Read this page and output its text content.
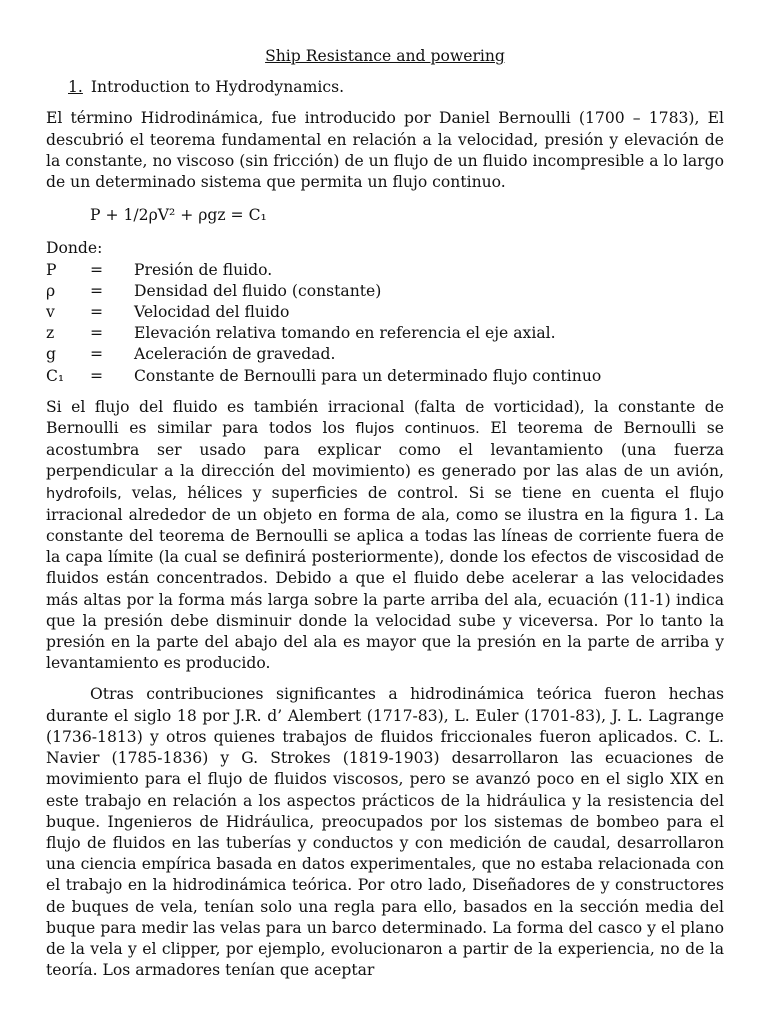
Ship Resistance and powering
1. Introduction to Hydrodynamics.

El término Hidrodinámica, fue introducido por Daniel Bernoulli (1700 – 1783), El descubrió el teorema fundamental en relación a la velocidad, presión y elevación de la constante, no viscoso (sin fricción) de un flujo de un fluido incompresible a lo largo de un determinado sistema que permita un flujo continuo.

P + 1/2ρV² + ρgz = C₁
Donde:
P	=	Presión de fluido.
ρ	=	Densidad del fluido (constante)
v	=	Velocidad del fluido
z	=	Elevación relativa tomando en referencia el eje axial.
g	=	Aceleración de gravedad.
C₁	=	Constante de Bernoulli para un determinado flujo continuo

Si el flujo del fluido es también irracional (falta de vorticidad), la constante de Bernoulli es similar para todos los flujos continuos. El teorema de Bernoulli se acostumbra ser usado para explicar como el levantamiento (una fuerza perpendicular a la dirección del movimiento) es generado por las alas de un avión, hydrofoils, velas, hélices y superficies de control. Si se tiene en cuenta el flujo irracional alrededor de un objeto en forma de ala, como se ilustra en la figura 1. La constante del teorema de Bernoulli se aplica a todas las líneas de corriente fuera de la capa límite (la cual se definirá posteriormente), donde los efectos de viscosidad de fluidos están concentrados. Debido a que el fluido debe acelerar a las velocidades más altas por la forma más larga sobre la parte arriba del ala, ecuación (11-1) indica que la presión debe disminuir donde la velocidad sube y viceversa. Por lo tanto la presión en la parte del abajo del ala es mayor que la presión en la parte de arriba y levantamiento es producido.

Otras contribuciones significantes a hidrodinámica teórica fueron hechas durante el siglo 18 por J.R. d’ Alembert (1717-83), L. Euler (1701-83), J. L. Lagrange (1736-1813) y otros quienes trabajos de fluidos friccionales fueron aplicados. C. L. Navier (1785-1836) y G. Strokes (1819-1903) desarrollaron las ecuaciones de movimiento para el flujo de fluidos viscosos, pero se avanzó poco en el siglo XIX en este trabajo en relación a los aspectos prácticos de la hidráulica y la resistencia del buque. Ingenieros de Hidráulica, preocupados por los sistemas de bombeo para el flujo de fluidos en las tuberías y conductos y con medición de caudal, desarrollaron una ciencia empírica basada en datos experimentales, que no estaba relacionada con el trabajo en la hidrodinámica teórica. Por otro lado, Diseñadores de y constructores de buques de vela, tenían solo una regla para ello, basados en la sección media del buque para medir las velas para un barco determinado. La forma del casco y el plano de la vela y el clipper, por ejemplo, evolucionaron a partir de la experiencia, no de la teoría. Los armadores tenían que aceptar
